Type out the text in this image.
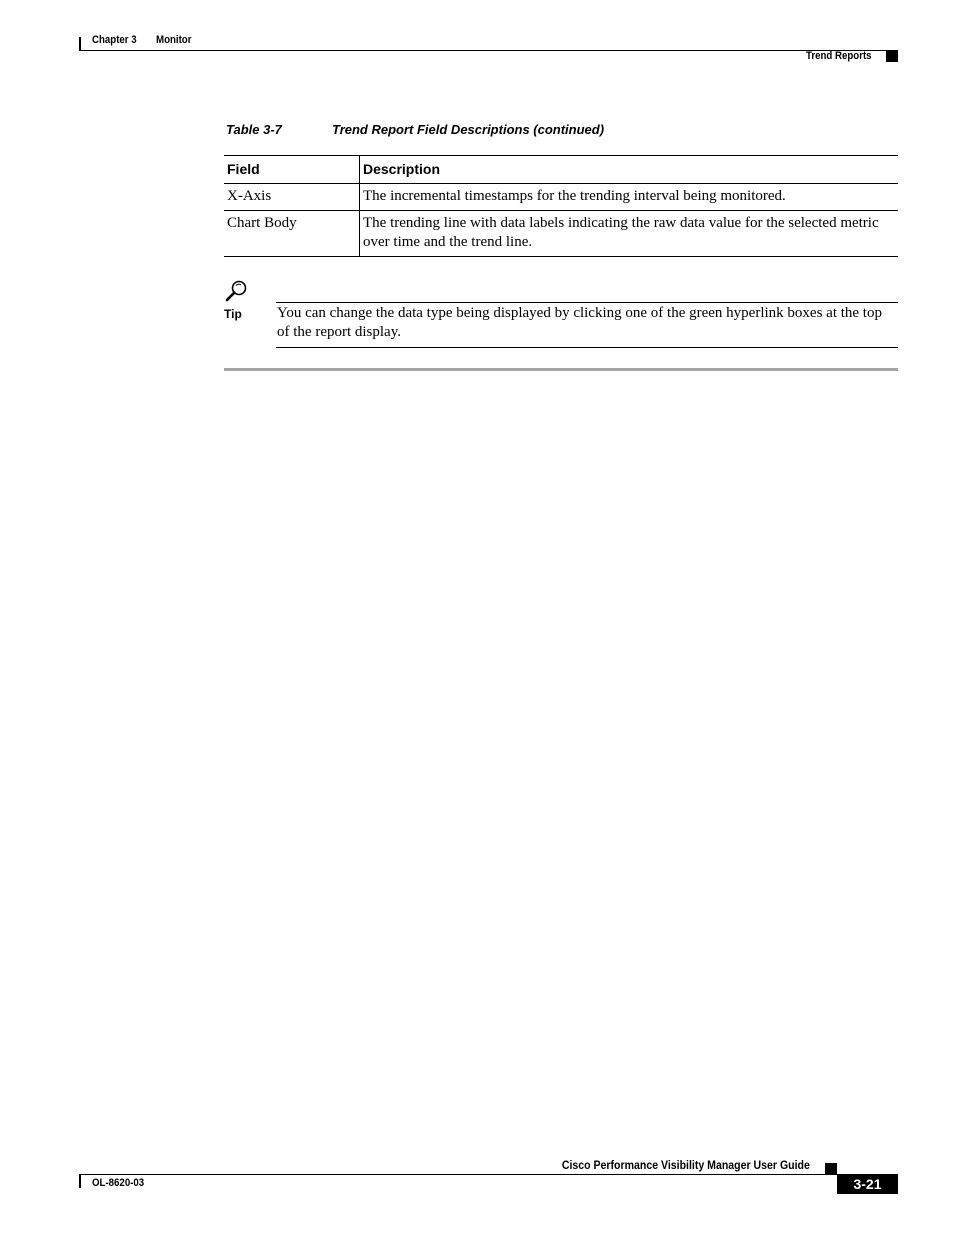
Chapter 3 Monitor
Trend Reports
Table 3-7	Trend Report Field Descriptions (continued)
Field	Description
X-Axis	The incremental timestamps for the trending interval being monitored.
Chart Body	The trending line with data labels indicating the raw data value for the selected metric over time and the trend line.
Tip You can change the data type being displayed by clicking one of the green hyperlink boxes at the top of the report display.
Cisco Performance Visibility Manager User Guide
OL-8620-03	3-21
